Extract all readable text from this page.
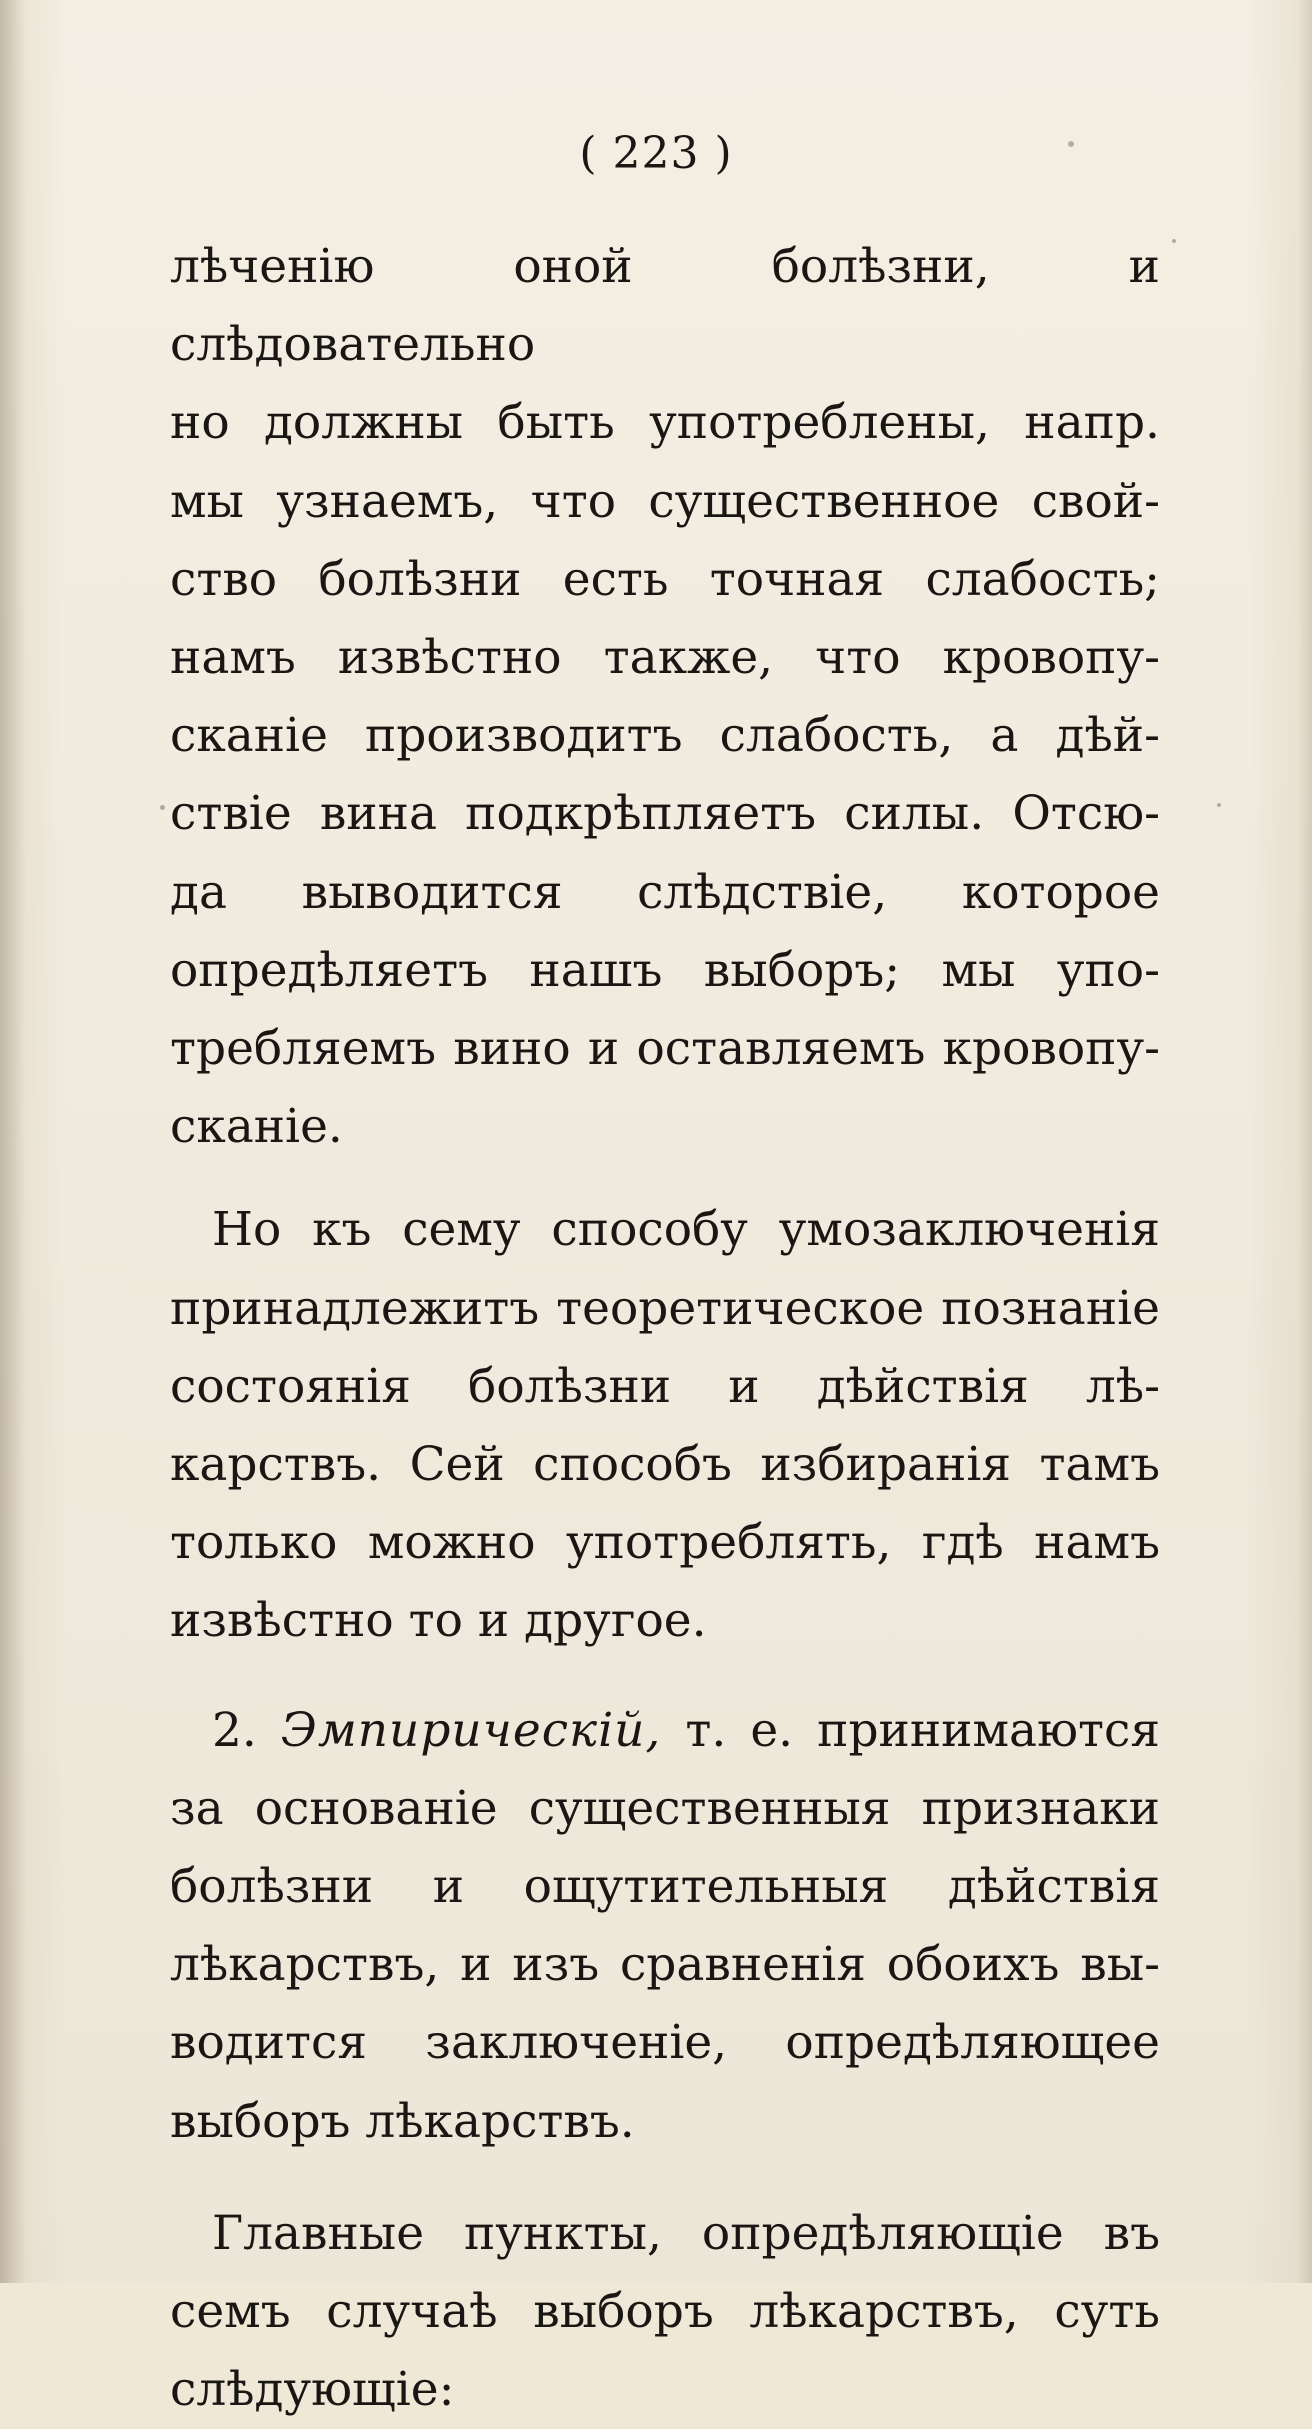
( 223 )
лѣченію оной болѣзни, и слѣдовательно
но должны быть употреблены, напр.
мы узнаемъ, что существенное свой-
ство болѣзни есть точная слабость;
намъ извѣстно также, что кровопу-
сканіе производитъ слабость, а дѣй-
ствіе вина подкрѣпляетъ силы. Отсю-
да выводится слѣдствіе, которое
опредѣляетъ нашъ выборъ; мы упо-
требляемъ вино и оставляемъ кровопу-
сканіе.
Но къ сему способу умозаключенія
принадлежитъ теоретическое познаніе
состоянія болѣзни и дѣйствія лѣ-
карствъ. Сей способъ избиранія тамъ
только можно употреблять, гдѣ намъ
извѣстно то и другое.
2. Эмпирическій, т. е. принимаются
за основаніе существенныя признаки
болѣзни и ощутительныя дѣйствія
лѣкарствъ, и изъ сравненія обоихъ вы-
водится заключеніе, опредѣляющее
выборъ лѣкарствъ.
Главные пункты, опредѣляющіе въ
семъ случаѣ выборъ лѣкарствъ, суть
слѣдующіе:
